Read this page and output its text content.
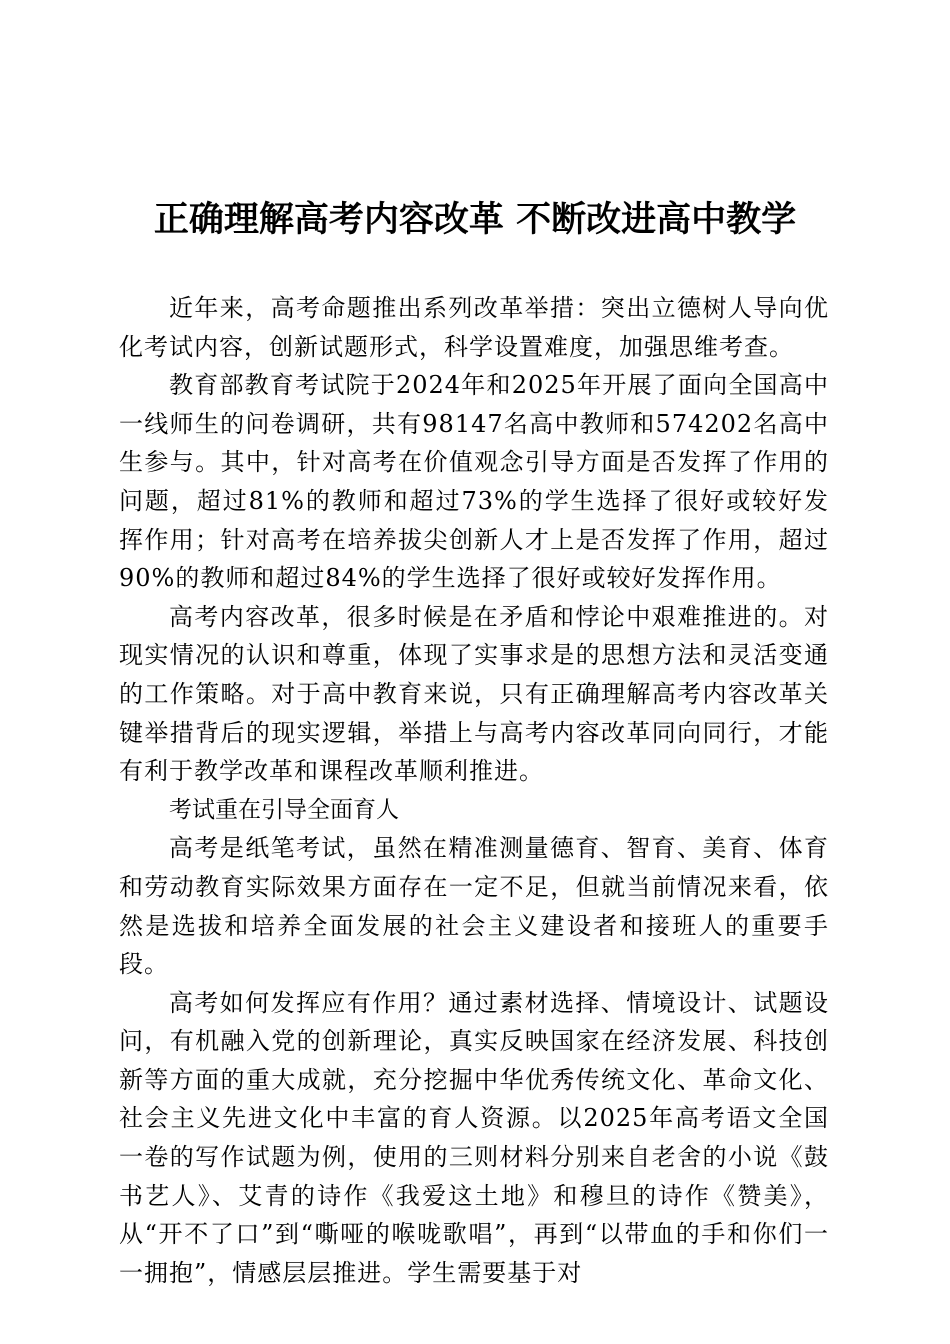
正确理解高考内容改革 不断改进高中教学

近年来，高考命题推出系列改革举措：突出立德树人导向优化考试内容，创新试题形式，科学设置难度，加强思维考查。

教育部教育考试院于2024年和2025年开展了面向全国高中一线师生的问卷调研，共有98147名高中教师和574202名高中生参与。其中，针对高考在价值观念引导方面是否发挥了作用的问题，超过81%的教师和超过73%的学生选择了很好或较好发挥作用；针对高考在培养拔尖创新人才上是否发挥了作用，超过90%的教师和超过84%的学生选择了很好或较好发挥作用。

高考内容改革，很多时候是在矛盾和悖论中艰难推进的。对现实情况的认识和尊重，体现了实事求是的思想方法和灵活变通的工作策略。对于高中教育来说，只有正确理解高考内容改革关键举措背后的现实逻辑，举措上与高考内容改革同向同行，才能有利于教学改革和课程改革顺利推进。

考试重在引导全面育人

高考是纸笔考试，虽然在精准测量德育、智育、美育、体育和劳动教育实际效果方面存在一定不足，但就当前情况来看，依然是选拔和培养全面发展的社会主义建设者和接班人的重要手段。

高考如何发挥应有作用？通过素材选择、情境设计、试题设问，有机融入党的创新理论，真实反映国家在经济发展、科技创新等方面的重大成就，充分挖掘中华优秀传统文化、革命文化、社会主义先进文化中丰富的育人资源。以2025年高考语文全国一卷的写作试题为例，使用的三则材料分别来自老舍的小说《鼓书艺人》、艾青的诗作《我爱这土地》和穆旦的诗作《赞美》，从“开不了口”到“嘶哑的喉咙歌唱”，再到“以带血的手和你们一一拥抱”，情感层层推进。学生需要基于对
